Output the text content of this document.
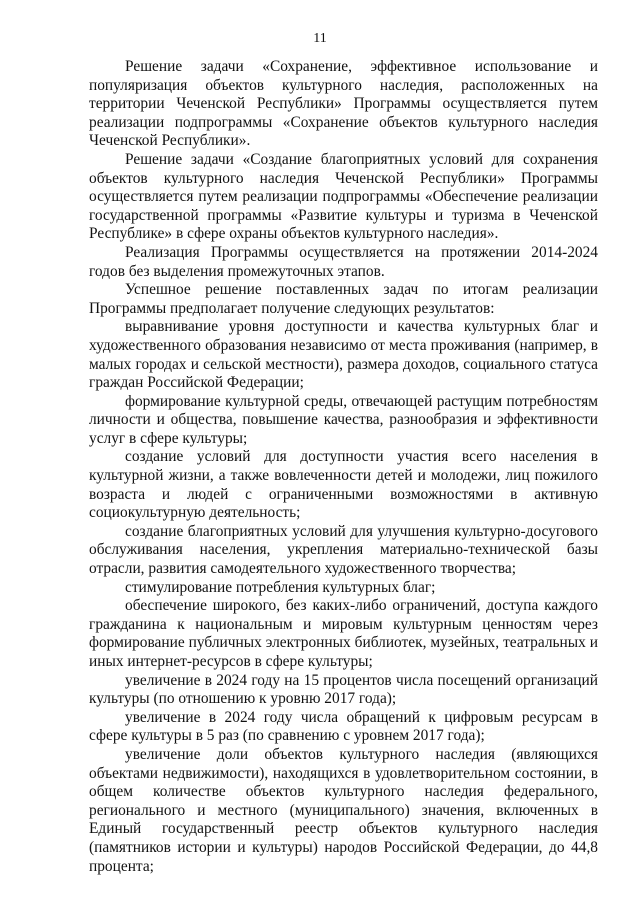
11

Решение задачи «Сохранение, эффективное использование и популяризация объектов культурного наследия, расположенных на территории Чеченской Республики» Программы осуществляется путем реализации подпрограммы «Сохранение объектов культурного наследия Чеченской Республики».

Решение задачи «Создание благоприятных условий для сохранения объектов культурного наследия Чеченской Республики» Программы осуществляется путем реализации подпрограммы «Обеспечение реализации государственной программы «Развитие культуры и туризма в Чеченской Республике» в сфере охраны объектов культурного наследия».

Реализация Программы осуществляется на протяжении 2014-2024 годов без выделения промежуточных этапов.

Успешное решение поставленных задач по итогам реализации Программы предполагает получение следующих результатов:

выравнивание уровня доступности и качества культурных благ и художественного образования независимо от места проживания (например, в малых городах и сельской местности), размера доходов, социального статуса граждан Российской Федерации;

формирование культурной среды, отвечающей растущим потребностям личности и общества, повышение качества, разнообразия и эффективности услуг в сфере культуры;

создание условий для доступности участия всего населения в культурной жизни, а также вовлеченности детей и молодежи, лиц пожилого возраста и людей с ограниченными возможностями в активную социокультурную деятельность;

создание благоприятных условий для улучшения культурно-досугового обслуживания населения, укрепления материально-технической базы отрасли, развития самодеятельного художественного творчества;

стимулирование потребления культурных благ;

обеспечение широкого, без каких-либо ограничений, доступа каждого гражданина к национальным и мировым культурным ценностям через формирование публичных электронных библиотек, музейных, театральных и иных интернет-ресурсов в сфере культуры;

увеличение в 2024 году на 15 процентов числа посещений организаций культуры (по отношению к уровню 2017 года);

увеличение в 2024 году числа обращений к цифровым ресурсам в сфере культуры в 5 раз (по сравнению с уровнем 2017 года);

увеличение доли объектов культурного наследия (являющихся объектами недвижимости), находящихся в удовлетворительном состоянии, в общем количестве объектов культурного наследия федерального, регионального и местного (муниципального) значения, включенных в Единый государственный реестр объектов культурного наследия (памятников истории и культуры) народов Российской Федерации, до 44,8 процента;
